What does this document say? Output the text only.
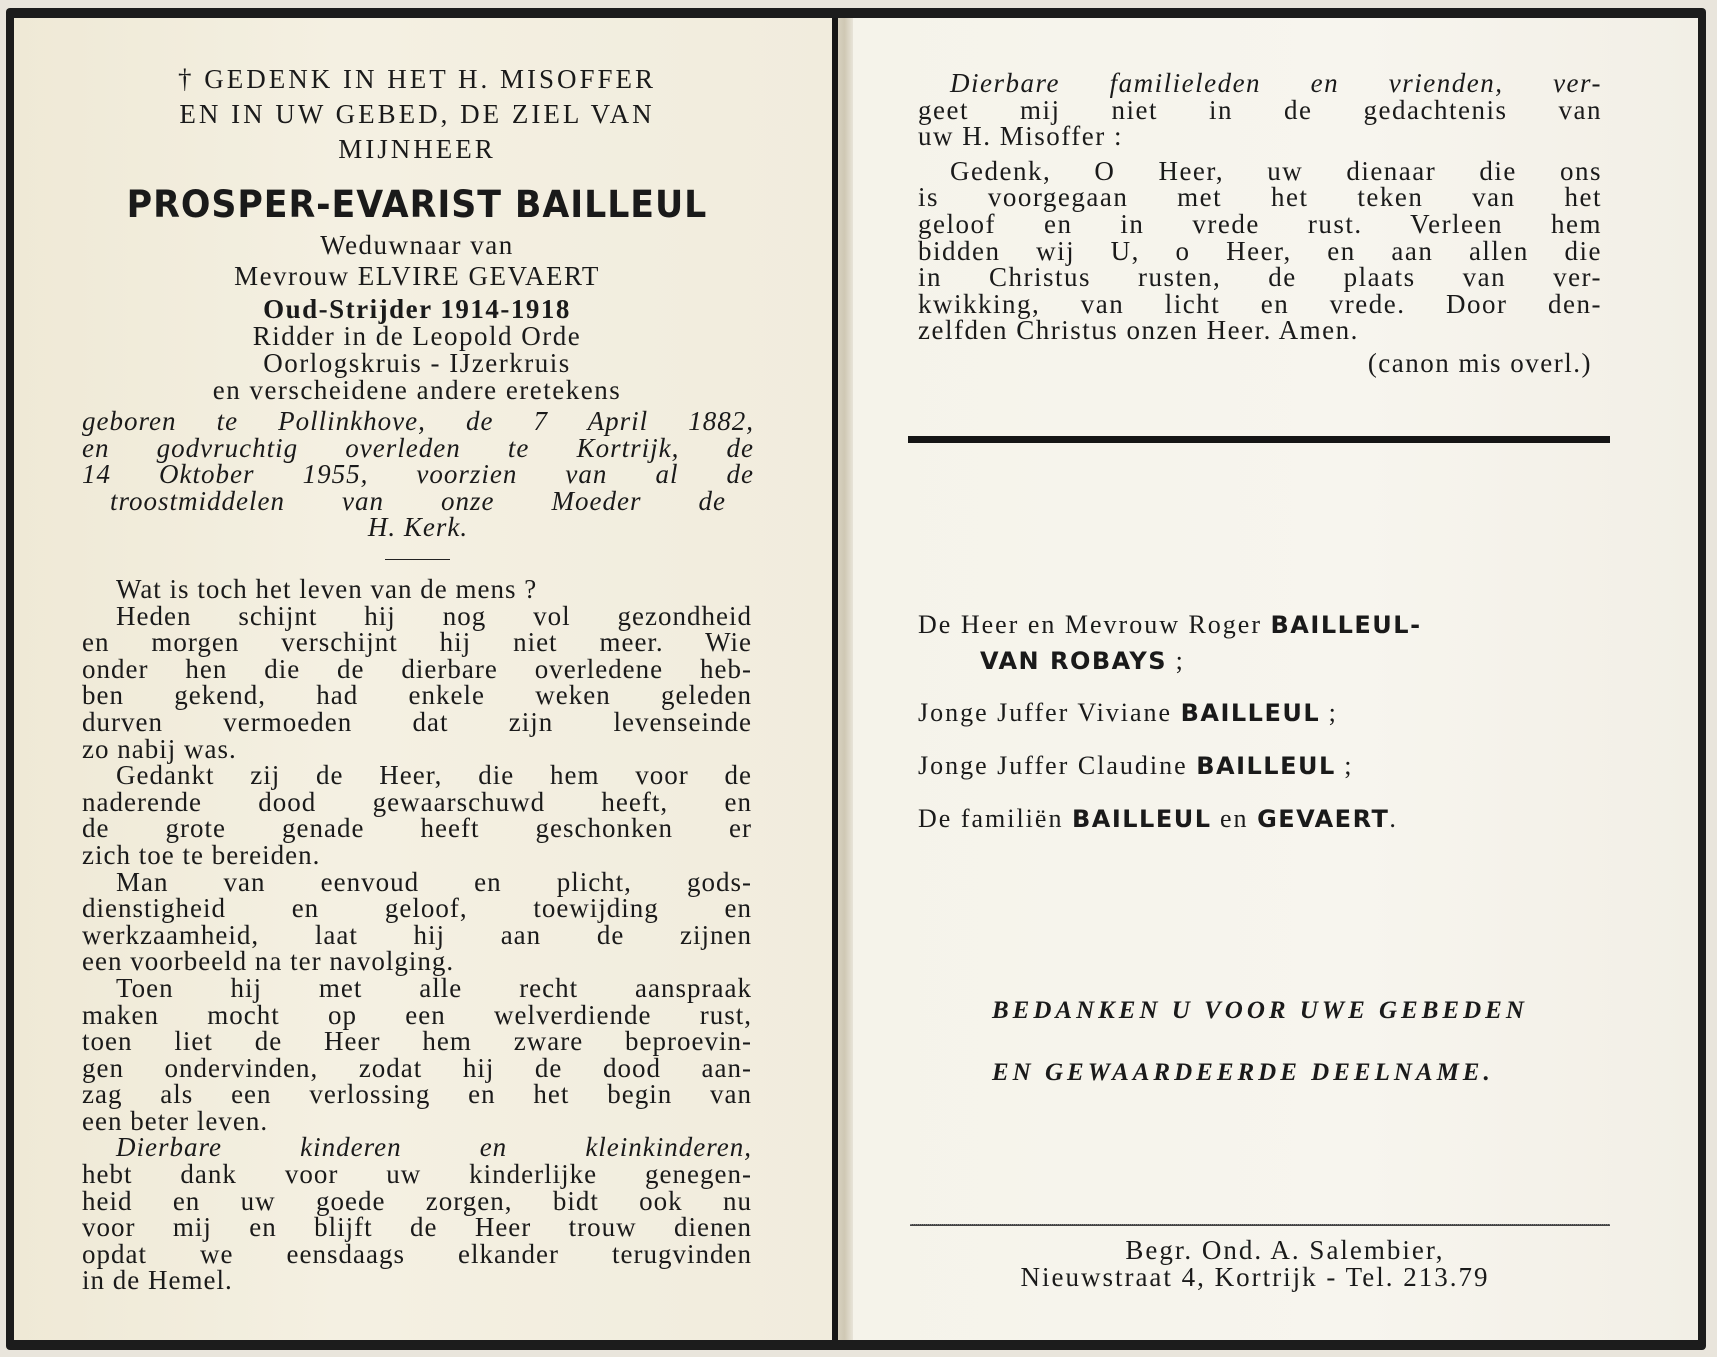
† GEDENK IN HET H. MISOFFER
EN IN UW GEBED, DE ZIEL VAN
MIJNHEER
PROSPER-EVARIST BAILLEUL
Weduwnaar van
Mevrouw ELVIRE GEVAERT
Oud-Strijder 1914-1918
Ridder in de Leopold Orde
Oorlogskruis - IJzerkruis
en verscheidene andere eretekens
geboren te Pollinkhove, de 7 April 1882,
en godvruchtig overleden te Kortrijk, de
14 Oktober 1955, voorzien van al de
troostmiddelen van onze Moeder de
H. Kerk.
Wat is toch het leven van de mens ?
Heden schijnt hij nog vol gezondheid
en morgen verschijnt hij niet meer. Wie
onder hen die de dierbare overledene heb-
ben gekend, had enkele weken geleden
durven vermoeden dat zijn levenseinde
zo nabij was.
Gedankt zij de Heer, die hem voor de
naderende dood gewaarschuwd heeft, en
de grote genade heeft geschonken er
zich toe te bereiden.
Man van eenvoud en plicht, gods-
dienstigheid en geloof, toewijding en
werkzaamheid, laat hij aan de zijnen
een voorbeeld na ter navolging.
Toen hij met alle recht aanspraak
maken mocht op een welverdiende rust,
toen liet de Heer hem zware beproevin-
gen ondervinden, zodat hij de dood aan-
zag als een verlossing en het begin van
een beter leven.
Dierbare kinderen en kleinkinderen,
hebt dank voor uw kinderlijke genegen-
heid en uw goede zorgen, bidt ook nu
voor mij en blijft de Heer trouw dienen
opdat we eensdaags elkander terugvinden
in de Hemel.
Dierbare familieleden en vrienden, ver-
geet mij niet in de gedachtenis van
uw H. Misoffer :
Gedenk, O Heer, uw dienaar die ons
is voorgegaan met het teken van het
geloof en in vrede rust. Verleen hem
bidden wij U, o Heer, en aan allen die
in Christus rusten, de plaats van ver-
kwikking, van licht en vrede. Door den-
zelfden Christus onzen Heer. Amen.
(canon mis overl.)
De Heer en Mevrouw Roger BAILLEUL-
VAN ROBAYS ;
Jonge Juffer Viviane BAILLEUL ;
Jonge Juffer Claudine BAILLEUL ;
De familiën BAILLEUL en GEVAERT.
BEDANKEN U VOOR UWE GEBEDEN
EN GEWAARDEERDE DEELNAME.
Begr. Ond. A. Salembier,
Nieuwstraat 4, Kortrijk - Tel. 213.79
